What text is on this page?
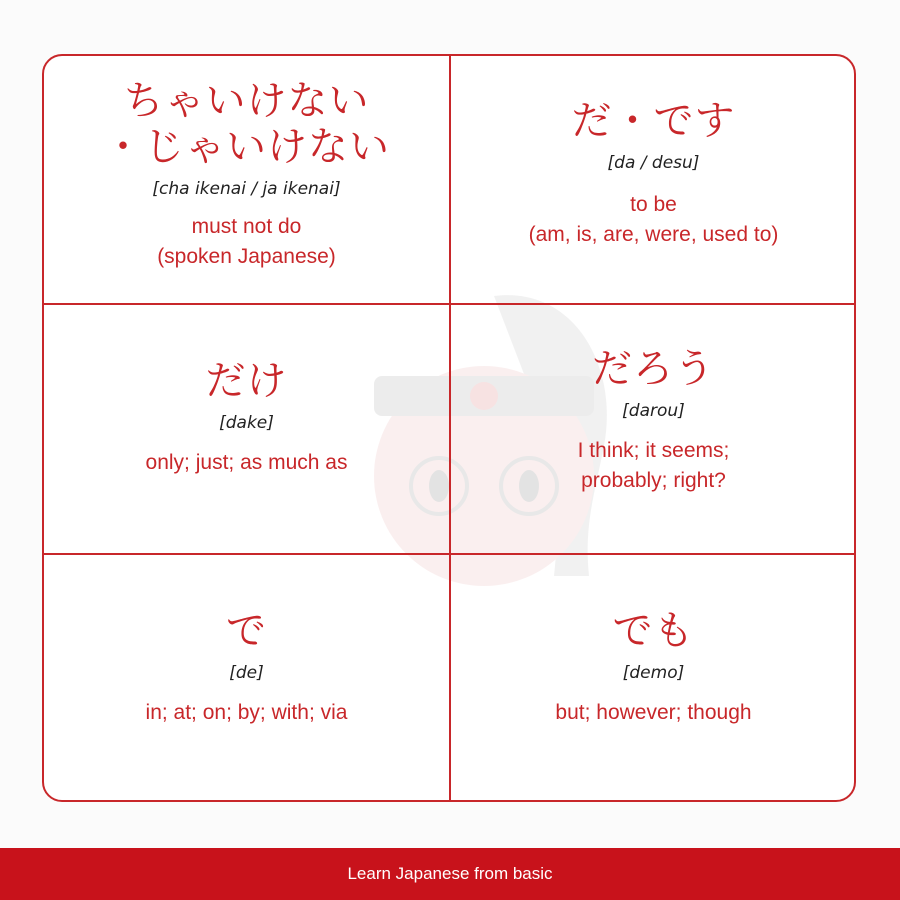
ちゃいけない
・じゃいけない
[cha ikenai / ja ikenai]
must not do
(spoken Japanese)
だ・です
[da / desu]
to be
(am, is, are, were, used to)
だけ
[dake]
only; just; as much as
だろう
[darou]
I think; it seems;
probably; right?
で
[de]
in; at; on; by; with; via
でも
[demo]
but; however; though
Learn Japanese from basic
